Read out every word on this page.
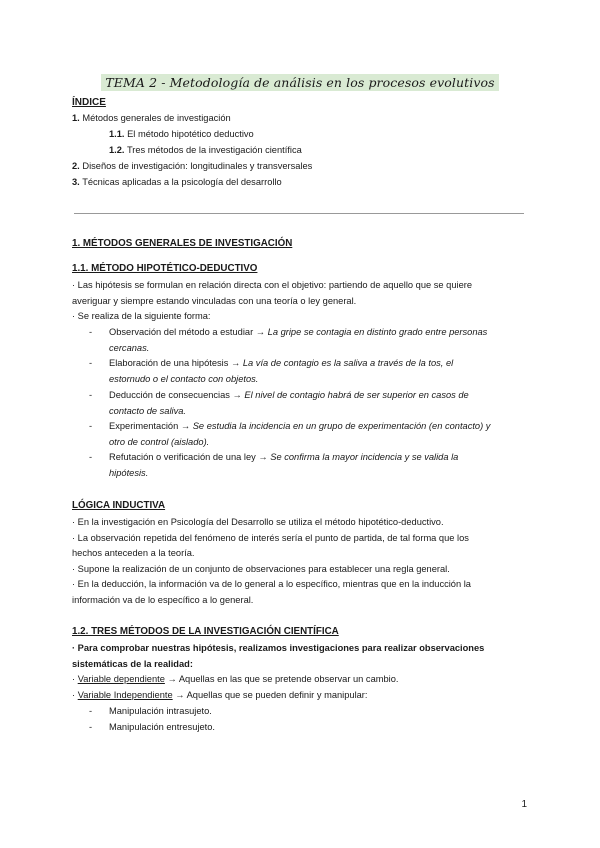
TEMA 2 - Metodología de análisis en los procesos evolutivos
ÍNDICE
1. Métodos generales de investigación
1.1. El método hipotético deductivo
1.2. Tres métodos de la investigación científica
2. Diseños de investigación: longitudinales y transversales
3. Técnicas aplicadas a la psicología del desarrollo
1. MÉTODOS GENERALES DE INVESTIGACIÓN
1.1. MÉTODO HIPOTÉTICO-DEDUCTIVO
· Las hipótesis se formulan en relación directa con el objetivo: partiendo de aquello que se quiere
averiguar y siempre estando vinculadas con una teoría o ley general.
· Se realiza de la siguiente forma:
- Observación del método a estudiar → La gripe se contagia en distinto grado entre personas
cercanas.
- Elaboración de una hipótesis → La vía de contagio es la saliva a través de la tos, el
estornudo o el contacto con objetos.
- Deducción de consecuencias → El nivel de contagio habrá de ser superior en casos de
contacto de saliva.
- Experimentación → Se estudia la incidencia en un grupo de experimentación (en contacto) y
otro de control (aislado).
- Refutación o verificación de una ley → Se confirma la mayor incidencia y se valida la
hipótesis.
LÓGICA INDUCTIVA
· En la investigación en Psicología del Desarrollo se utiliza el método hipotético-deductivo.
· La observación repetida del fenómeno de interés sería el punto de partida, de tal forma que los
hechos anteceden a la teoría.
· Supone la realización de un conjunto de observaciones para establecer una regla general.
· En la deducción, la información va de lo general a lo específico, mientras que en la inducción la
información va de lo específico a lo general.
1.2. TRES MÉTODOS DE LA INVESTIGACIÓN CIENTÍFICA
· Para comprobar nuestras hipótesis, realizamos investigaciones para realizar observaciones
sistemáticas de la realidad:
· Variable dependiente → Aquellas en las que se pretende observar un cambio.
· Variable Independiente → Aquellas que se pueden definir y manipular:
- Manipulación intrasujeto.
- Manipulación entresujeto.
1
